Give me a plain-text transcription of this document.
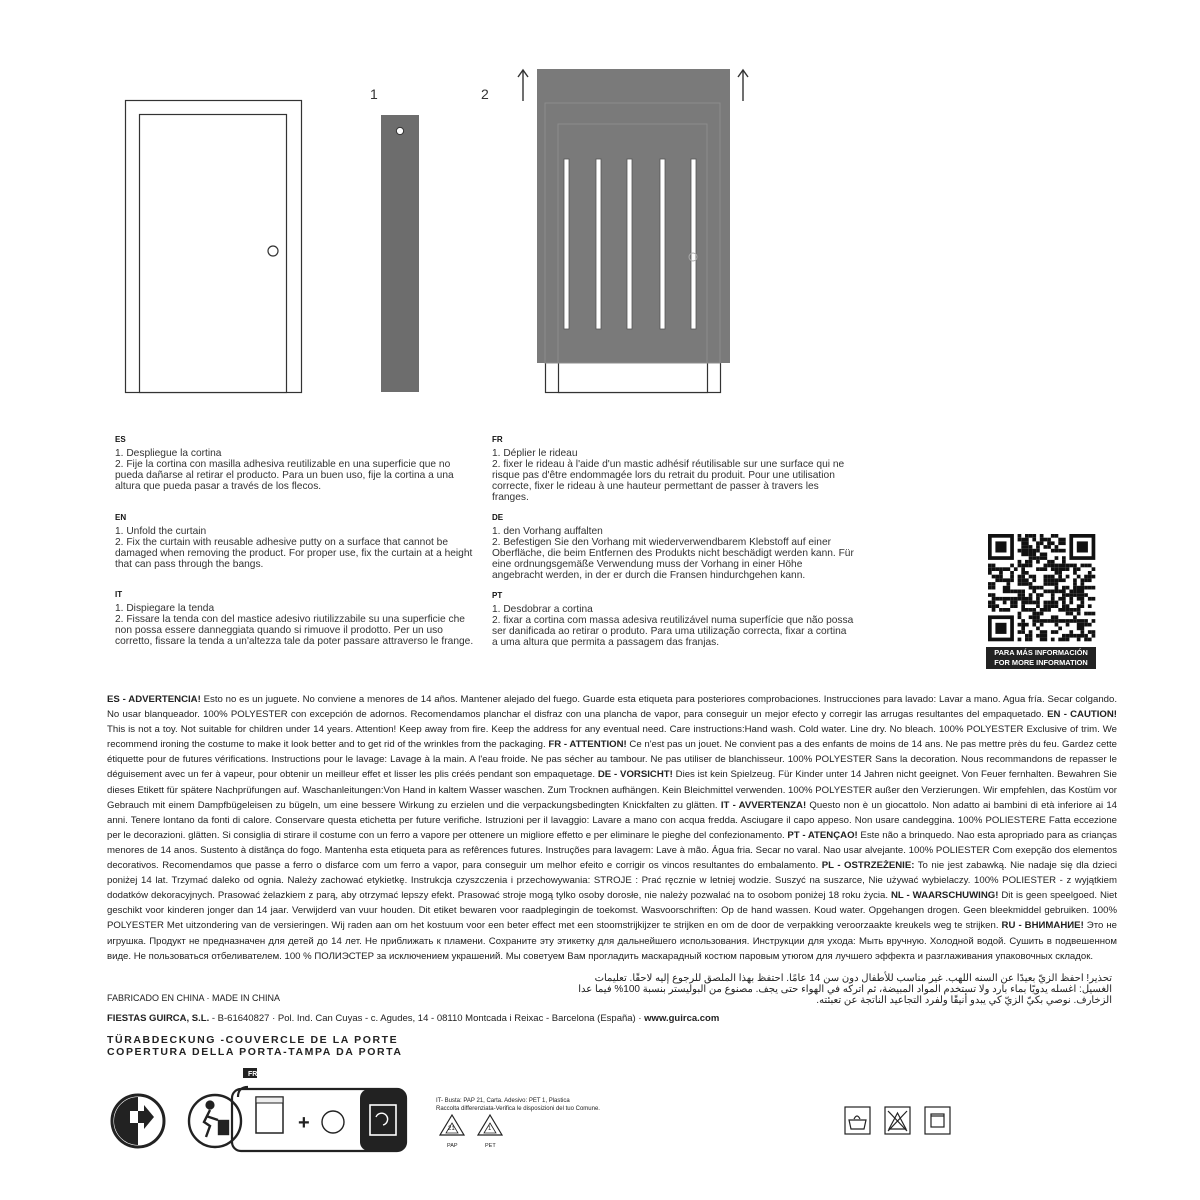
1	2
ES
1. Despliegue la cortina
2. Fije la cortina con masilla adhesiva reutilizable en una superficie que no pueda dañarse al retirar el producto. Para un buen uso, fije la cortina a una altura que pueda pasar a través de los flecos.
EN
1. Unfold the curtain
2. Fix the curtain with reusable adhesive putty on a surface that cannot be damaged when removing the product. For proper use, fix the curtain at a height that can pass through the bangs.
IT
1. Dispiegare la tenda
2. Fissare la tenda con del mastice adesivo riutilizzabile su una superficie che non possa essere danneggiata quando si rimuove il prodotto. Per un uso corretto, fissare la tenda a un'altezza tale da poter passare attraverso le frange.
FR
1. Déplier le rideau
2. fixer le rideau à l'aide d'un mastic adhésif réutilisable sur une surface qui ne risque pas d'être endommagée lors du retrait du produit. Pour une utilisation correcte, fixer le rideau à une hauteur permettant de passer à travers les franges.
DE
1. den Vorhang auffalten
2. Befestigen Sie den Vorhang mit wiederverwendbarem Klebstoff auf einer Oberfläche, die beim Entfernen des Produkts nicht beschädigt werden kann. Für eine ordnungsgemäße Verwendung muss der Vorhang in einer Höhe angebracht werden, in der er durch die Fransen hindurchgehen kann.
PT
1. Desdobrar a cortina
2. fixar a cortina com massa adesiva reutilizável numa superfície que não possa ser danificada ao retirar o produto. Para uma utilização correcta, fixar a cortina a uma altura que permita a passagem das franjas.
PARA MÁS INFORMACIÓN
FOR MORE INFORMATION
ES - ADVERTENCIA! Esto no es un juguete. No conviene a menores de 14 años. Mantener alejado del fuego. Guarde esta etiqueta para posteriores comprobaciones. Instrucciones para lavado: Lavar a mano. Agua fría. Secar colgando. No usar blanqueador. 100% POLYESTER con excepción de adornos. Recomendamos planchar el disfraz con una plancha de vapor, para conseguir un mejor efecto y corregir las arrugas resultantes del empaquetado. EN - CAUTION! This is not a toy. Not suitable for children under 14 years. Attention! Keep away from fire. Keep the address for any eventual need. Care instructions:Hand wash. Cold water. Line dry. No bleach. 100% POLYESTER Exclusive of trim. We recommend ironing the costume to make it look better and to get rid of the wrinkles from the packaging. FR - ATTENTION! Ce n'est pas un jouet. Ne convient pas a des enfants de moins de 14 ans. Ne pas mettre près du feu. Gardez cette étiquette pour de futures vérifications. Instructions pour le lavage: Lavage à la main. A l'eau froide. Ne pas sécher au tambour. Ne pas utiliser de blanchisseur. 100% POLYESTER Sans la decoration. Nous recommandons de repasser le déguisement avec un fer à vapeur, pour obtenir un meilleur effet et lisser les plis créés pendant son empaquetage. DE - VORSICHT! Dies ist kein Spielzeug. Für Kinder unter 14 Jahren nicht geeignet. Von Feuer fernhalten. Bewahren Sie dieses Etikett für spätere Nachprüfungen auf. Waschanleitungen:Von Hand in kaltem Wasser waschen. Zum Trocknen aufhängen. Kein Bleichmittel verwenden. 100% POLYESTER außer den Verzierungen. Wir empfehlen, das Kostüm vor Gebrauch mit einem Dampfbügeleisen zu bügeln, um eine bessere Wirkung zu erzielen und die verpackungsbedingten Knickfalten zu glätten. IT - AVVERTENZA! Questo non è un giocattolo. Non adatto ai bambini di età inferiore ai 14 anni. Tenere lontano da fonti di calore. Conservare questa etichetta per future verifiche. Istruzioni per il lavaggio: Lavare a mano con acqua fredda. Asciugare il capo appeso. Non usare candeggina. 100% POLIESTERE Fatta eccezione per le decorazioni. glätten. Si consiglia di stirare il costume con un ferro a vapore per ottenere un migliore effetto e per eliminare le pieghe del confezionamento. PT - ATENÇAO! Este não a brinquedo. Nao esta apropriado para as crianças menores de 14 anos. Sustento à distãnça do fogo. Mantenha esta etiqueta para as refêrences futures. Instruções para lavagem: Lave à mão. Água fria. Secar no varal. Nao usar alvejante. 100% POLIESTER Com exepção dos elementos decorativos. Recomendamos que passe a ferro o disfarce com um ferro a vapor, para conseguir um melhor efeito e corrigir os vincos resultantes do embalamento. PL - OSTRZEŻENIE: To nie jest zabawką. Nie nadaje się dla dzieci poniżej 14 lat. Trzymać daleko od ognia. Należy zachować etykietkę. Instrukcja czyszczenia i przechowywania: STROJE : Prać ręcznie w letniej wodzie. Suszyć na suszarce, Nie używać wybielaczy. 100% POLIESTER - z wyjątkiem dodatków dekoracyjnych. Prasować żelazkiem z parą, aby otrzymać lepszy efekt. Prasować stroje mogą tylko osoby dorosłe, nie należy pozwalać na to osobom poniżej 18 roku życia. NL - WAARSCHUWING! Dit is geen speelgoed. Niet geschikt voor kinderen jonger dan 14 jaar. Verwijderd van vuur houden. Dit etiket bewaren voor raadplegingin de toekomst. Wasvoorschriften: Op de hand wassen. Koud water. Opgehangen drogen. Geen bleekmiddel gebruiken. 100% POLYESTER Met uitzondering van de versieringen. Wij raden aan om het kostuum voor een beter effect met een stoomstrijkijzer te strijken en om de door de verpakking veroorzaakte kreukels weg te strijken. RU - ВНИМАНИЕ! Это не игрушка. Продукт не предназначен для детей до 14 лет. Не приближать к пламени. Сохраните эту этикетку для дальнейшего использования. Инструкции для ухода: Мыть вручную. Холодной водой. Сушить в подвешенном виде. Не пользоваться отбеливателем. 100 % ПОЛИЭСТЕР за исключением украшений. Мы советуем Вам прогладить маскарадный костюм паровым утюгом для лучшего эффекта и разглаживания упаковочных складок.
تحذير! احفظ الزيّ بعيدًا عن السنه اللهب. غير مناسب للأطفال دون سن 14 عامًا. احتفظ بهذا الملصق للرجوع إليه لاحقًا. تعليمات الغسيل: اغسله يدويًا بماء بارد ولا تستخدم المواد المبيضة، ثم اتركه في الهواء حتى يجف. مصنوع من البوليستر بنسبة 100% فيما عدا الزخارف. نوصي بكيّ الزيّ كي يبدو أنيقًا ولفرد التجاعيد الناتجة عن تعبئته.
FABRICADO EN CHINA · MADE IN CHINA
FIESTAS GUIRCA, S.L. - B-61640827 · Pol. Ind. Can Cuyas - c. Agudes, 14 - 08110 Montcada i Reixac - Barcelona (España) · www.guirca.com
TÜRABDECKUNG -COUVERCLE DE LA PORTE
COPERTURA DELLA PORTA-TAMPA DA PORTA
+
FR
21
PAP
1
PET
IT- Busta: PAP 21, Carta. Adesivo: PET 1, Plastica
Raccolta differenziata-Verifica le disposizioni del tuo Comune.
